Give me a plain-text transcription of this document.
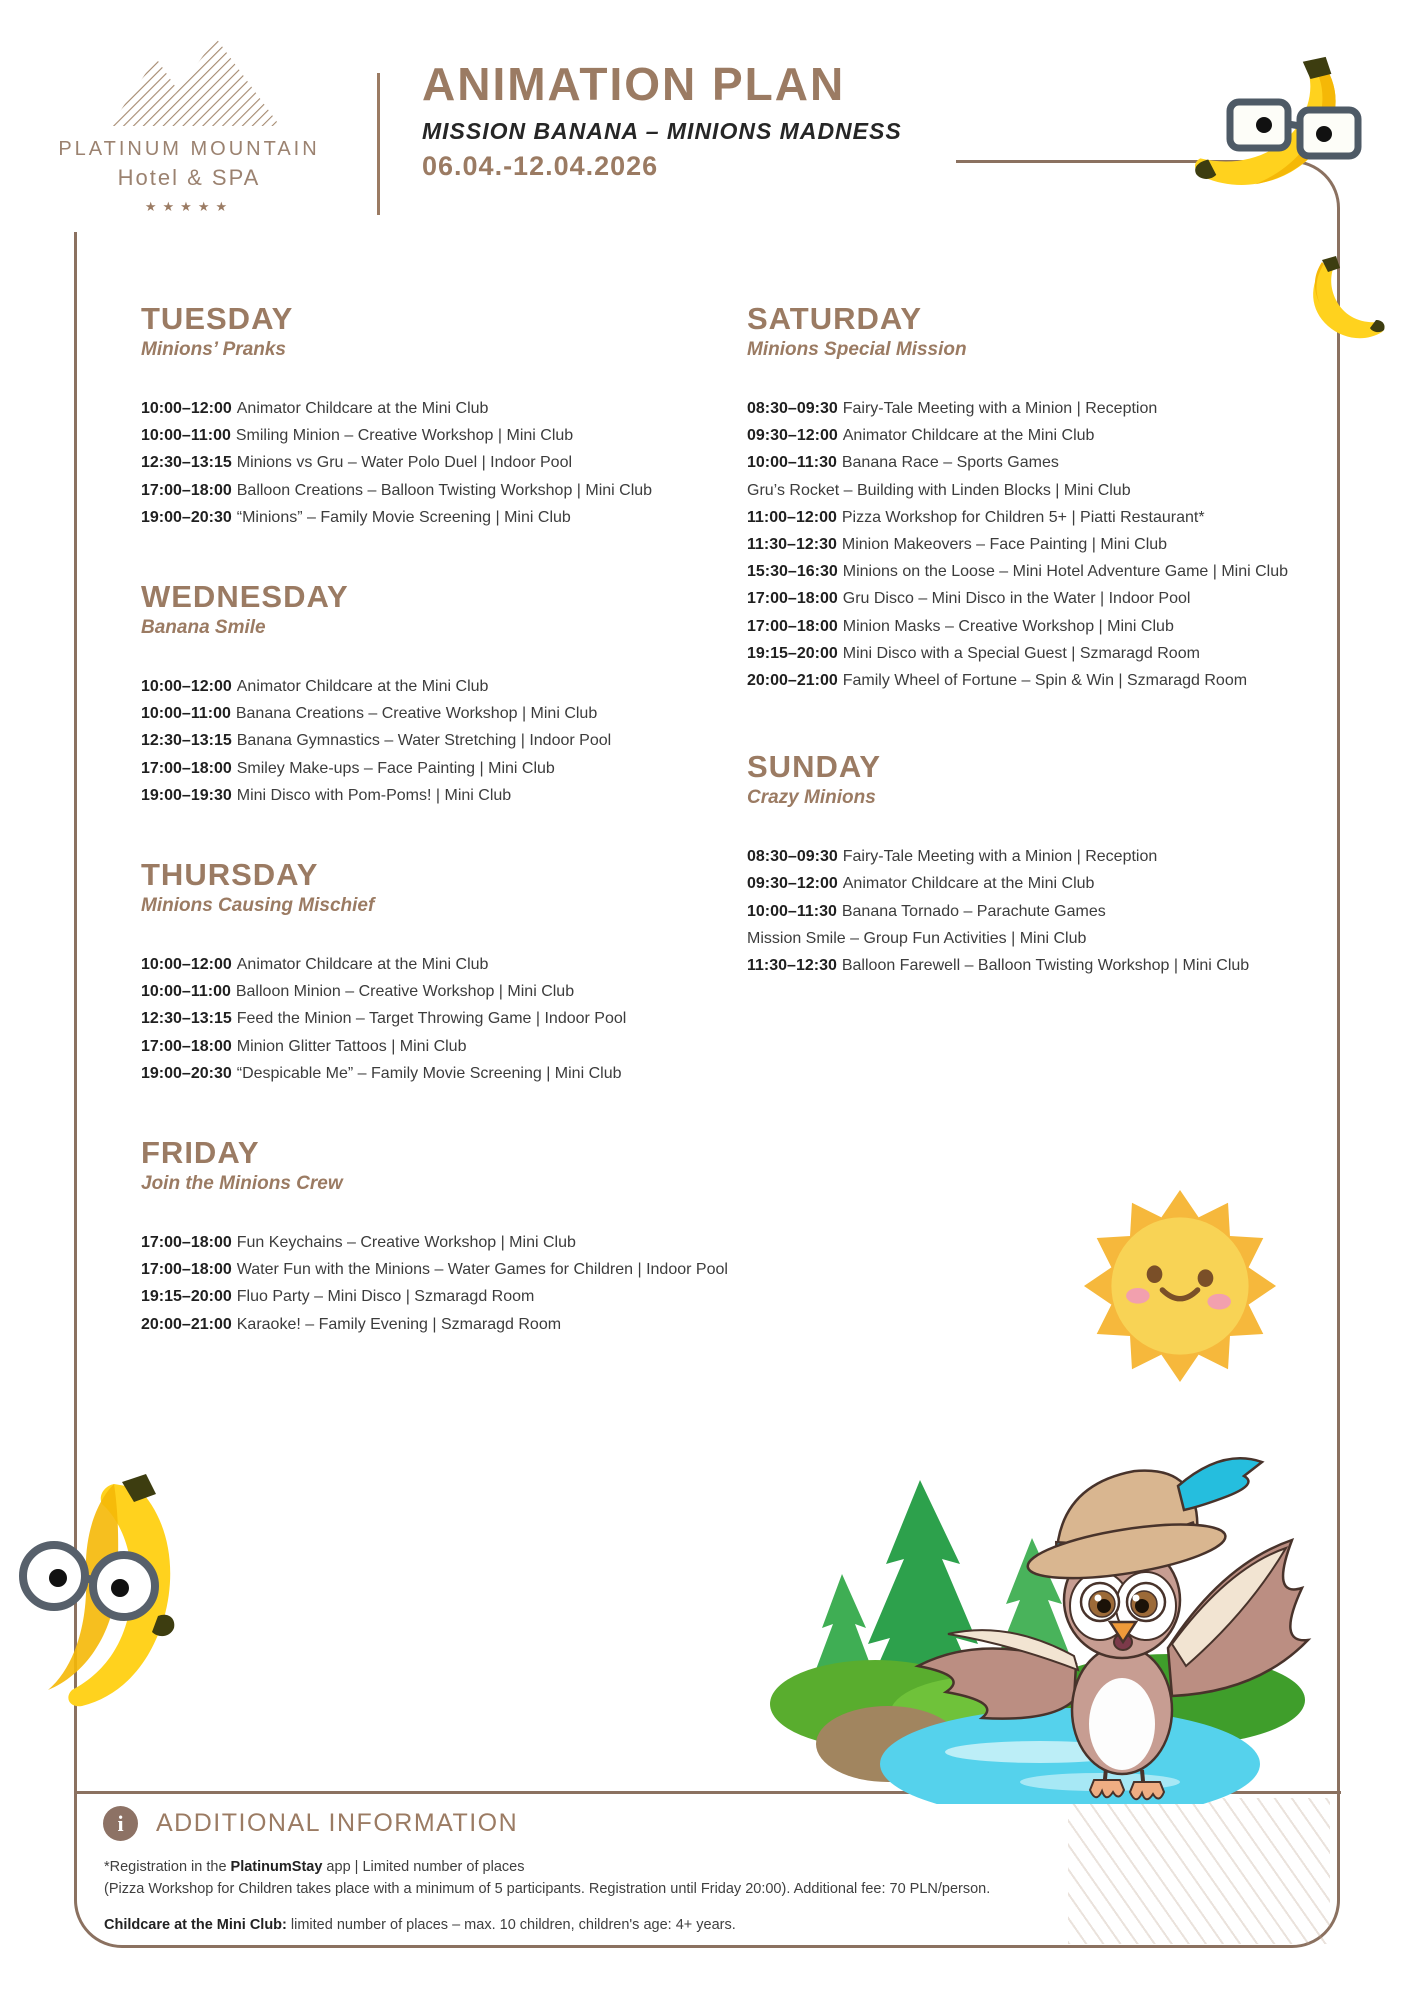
PLATINUM MOUNTAIN
Hotel & SPA
★★★★★
ANIMATION PLAN
MISSION BANANA – MINIONS MADNESS
06.04.-12.04.2026
TUESDAY
Minions’ Pranks
10:00–12:00 Animator Childcare at the Mini Club
10:00–11:00 Smiling Minion – Creative Workshop | Mini Club
12:30–13:15 Minions vs Gru – Water Polo Duel | Indoor Pool
17:00–18:00 Balloon Creations – Balloon Twisting Workshop | Mini Club
19:00–20:30 “Minions” – Family Movie Screening | Mini Club
WEDNESDAY
Banana Smile
10:00–12:00 Animator Childcare at the Mini Club
10:00–11:00 Banana Creations – Creative Workshop | Mini Club
12:30–13:15 Banana Gymnastics – Water Stretching | Indoor Pool
17:00–18:00 Smiley Make-ups – Face Painting | Mini Club
19:00–19:30 Mini Disco with Pom-Poms! | Mini Club
THURSDAY
Minions Causing Mischief
10:00–12:00 Animator Childcare at the Mini Club
10:00–11:00 Balloon Minion – Creative Workshop | Mini Club
12:30–13:15 Feed the Minion – Target Throwing Game | Indoor Pool
17:00–18:00 Minion Glitter Tattoos | Mini Club
19:00–20:30 “Despicable Me” – Family Movie Screening | Mini Club
FRIDAY
Join the Minions Crew
17:00–18:00 Fun Keychains – Creative Workshop | Mini Club
17:00–18:00 Water Fun with the Minions – Water Games for Children | Indoor Pool
19:15–20:00 Fluo Party – Mini Disco | Szmaragd Room
20:00–21:00 Karaoke! – Family Evening | Szmaragd Room
SATURDAY
Minions Special Mission
08:30–09:30 Fairy-Tale Meeting with a Minion | Reception
09:30–12:00 Animator Childcare at the Mini Club
10:00–11:30 Banana Race – Sports Games
Gru’s Rocket – Building with Linden Blocks | Mini Club
11:00–12:00 Pizza Workshop for Children 5+ | Piatti Restaurant*
11:30–12:30 Minion Makeovers – Face Painting | Mini Club
15:30–16:30 Minions on the Loose – Mini Hotel Adventure Game | Mini Club
17:00–18:00 Gru Disco – Mini Disco in the Water | Indoor Pool
17:00–18:00 Minion Masks – Creative Workshop | Mini Club
19:15–20:00 Mini Disco with a Special Guest | Szmaragd Room
20:00–21:00 Family Wheel of Fortune – Spin & Win | Szmaragd Room
SUNDAY
Crazy Minions
08:30–09:30 Fairy-Tale Meeting with a Minion | Reception
09:30–12:00 Animator Childcare at the Mini Club
10:00–11:30 Banana Tornado – Parachute Games
Mission Smile – Group Fun Activities | Mini Club
11:30–12:30 Balloon Farewell – Balloon Twisting Workshop | Mini Club
i	ADDITIONAL INFORMATION
*Registration in the PlatinumStay app | Limited number of places
(Pizza Workshop for Children takes place with a minimum of 5 participants. Registration until Friday 20:00). Additional fee: 70 PLN/person.
Childcare at the Mini Club: limited number of places – max. 10 children, children's age: 4+ years.
